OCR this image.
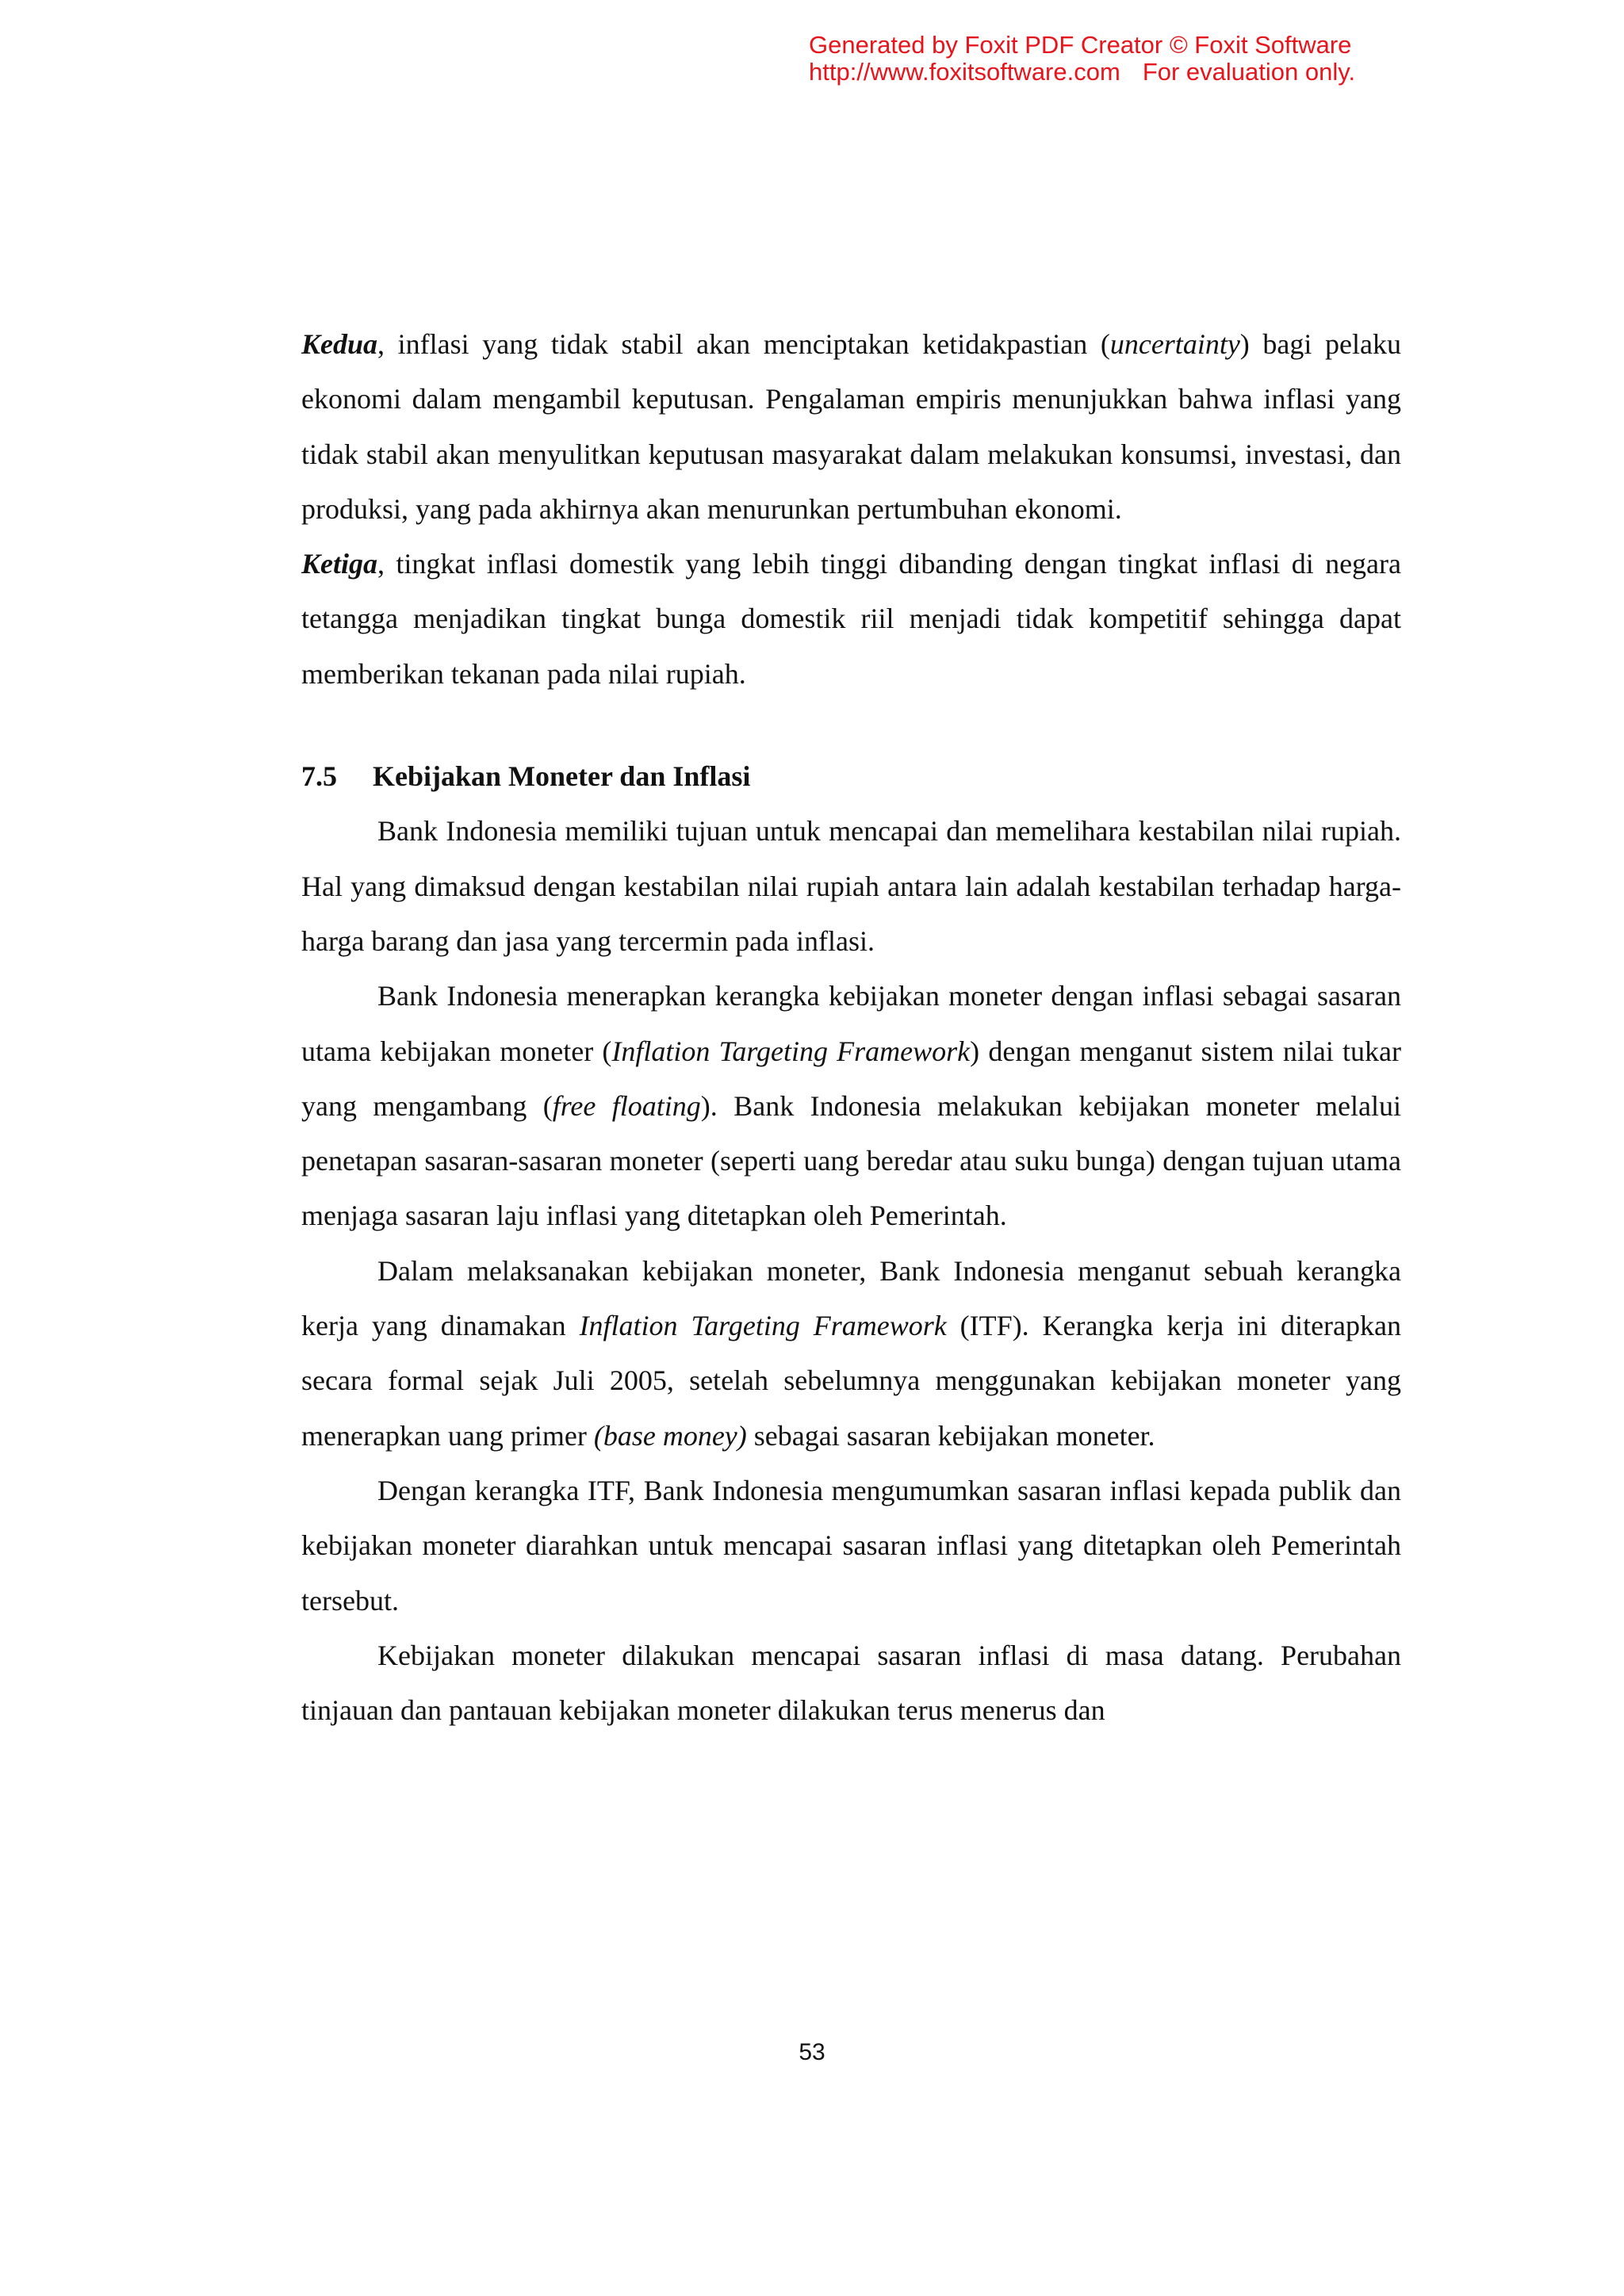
Generated by Foxit PDF Creator © Foxit Software
http://www.foxitsoftware.com For evaluation only.

Kedua, inflasi yang tidak stabil akan menciptakan ketidakpastian (uncertainty) bagi pelaku ekonomi dalam mengambil keputusan. Pengalaman empiris menunjukkan bahwa inflasi yang tidak stabil akan menyulitkan keputusan masyarakat dalam melakukan konsumsi, investasi, dan produksi, yang pada akhirnya akan menurunkan pertumbuhan ekonomi.

Ketiga, tingkat inflasi domestik yang lebih tinggi dibanding dengan tingkat inflasi di negara tetangga menjadikan tingkat bunga domestik riil menjadi tidak kompetitif sehingga dapat memberikan tekanan pada nilai rupiah.

7.5	Kebijakan Moneter dan Inflasi

Bank Indonesia memiliki tujuan untuk mencapai dan memelihara kestabilan nilai rupiah. Hal yang dimaksud dengan kestabilan nilai rupiah antara lain adalah kestabilan terhadap harga-harga barang dan jasa yang tercermin pada inflasi.

Bank Indonesia menerapkan kerangka kebijakan moneter dengan inflasi sebagai sasaran utama kebijakan moneter (Inflation Targeting Framework) dengan menganut sistem nilai tukar yang mengambang (free floating). Bank Indonesia melakukan kebijakan moneter melalui penetapan sasaran-sasaran moneter (seperti uang beredar atau suku bunga) dengan tujuan utama menjaga sasaran laju inflasi yang ditetapkan oleh Pemerintah.

Dalam melaksanakan kebijakan moneter, Bank Indonesia menganut sebuah kerangka kerja yang dinamakan Inflation Targeting Framework (ITF). Kerangka kerja ini diterapkan secara formal sejak Juli 2005, setelah sebelumnya menggunakan kebijakan moneter yang menerapkan uang primer (base money) sebagai sasaran kebijakan moneter.

Dengan kerangka ITF, Bank Indonesia mengumumkan sasaran inflasi kepada publik dan kebijakan moneter diarahkan untuk mencapai sasaran inflasi yang ditetapkan oleh Pemerintah tersebut.

Kebijakan moneter dilakukan mencapai sasaran inflasi di masa datang. Perubahan tinjauan dan pantauan kebijakan moneter dilakukan terus menerus dan

53
